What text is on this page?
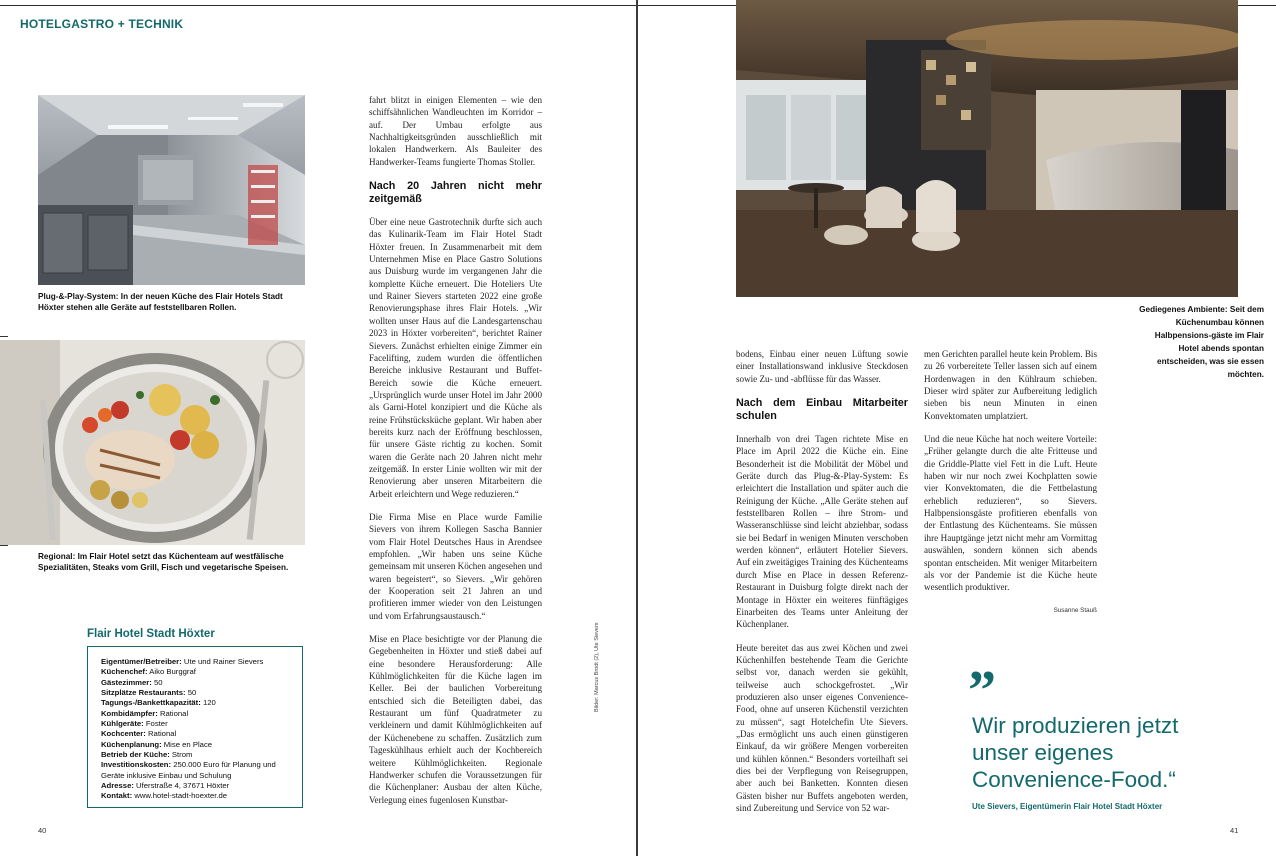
HOTELGASTRO + TECHNIK
Plug-&-Play-System: In der neuen Küche des Flair Hotels Stadt Höxter stehen alle Geräte auf feststellbaren Rollen.
Regional: Im Flair Hotel setzt das Küchenteam auf westfälische Spezialitäten, Steaks vom Grill, Fisch und vegetarische Speisen.
Flair Hotel Stadt Höxter
Eigentümer/Betreiber: Ute und Rainer Sievers
Küchenchef: Aiko Burggraf
Gästezimmer: 50
Sitzplätze Restaurants: 50
Tagungs-/Bankettkapazität: 120
Kombidämpfer: Rational
Kühlgeräte: Foster
Kochcenter: Rational
Küchenplanung: Mise en Place
Betrieb der Küche: Strom
Investitionskosten: 250.000 Euro für Planung und Geräte inklusive Einbau und Schulung
Adresse: Uferstraße 4, 37671 Höxter
Kontakt: www.hotel-stadt-hoexter.de

fahrt blitzt in einigen Elementen – wie den schiffsähnlichen Wandleuchten im Korridor – auf. Der Umbau erfolgte aus Nachhaltigkeitsgründen ausschließlich mit lokalen Handwerkern. Als Bauleiter des Handwerker-Teams fungierte Thomas Stoller.

Nach 20 Jahren nicht mehr zeitgemäß

Über eine neue Gastrotechnik durfte sich auch das Kulinarik-Team im Flair Hotel Stadt Höxter freuen. In Zusammenarbeit mit dem Unternehmen Mise en Place Gastro Solutions aus Duisburg wurde im vergangenen Jahr die komplette Küche erneuert. Die Hoteliers Ute und Rainer Sievers starteten 2022 eine große Renovierungsphase ihres Flair Hotels. „Wir wollten unser Haus auf die Landesgartenschau 2023 in Höxter vorbereiten“, berichtet Rainer Sievers. Zunächst erhielten einige Zimmer ein Facelifting, zudem wurden die öffentlichen Bereiche inklusive Restaurant und Buffet-Bereich sowie die Küche erneuert. „Ursprünglich wurde unser Hotel im Jahr 2000 als Garni-Hotel konzipiert und die Küche als reine Frühstücksküche geplant. Wir haben aber bereits kurz nach der Eröffnung beschlossen, für unsere Gäste richtig zu kochen. Somit waren die Geräte nach 20 Jahren nicht mehr zeitgemäß. In erster Linie wollten wir mit der Renovierung aber unseren Mitarbeitern die Arbeit erleichtern und Wege reduzieren.“

Die Firma Mise en Place wurde Familie Sievers von ihrem Kollegen Sascha Bannier vom Flair Hotel Deutsches Haus in Arendsee empfohlen. „Wir haben uns seine Küche gemeinsam mit unseren Köchen angesehen und waren begeistert“, so Sievers. „Wir gehören der Kooperation seit 21 Jahren an und profitieren immer wieder von den Leistungen und vom Erfahrungsaustausch.“

Mise en Place besichtigte vor der Planung die Gegebenheiten in Höxter und stieß dabei auf eine besondere Herausforderung: Alle Kühlmöglichkeiten für die Küche lagen im Keller. Bei der baulichen Vorbereitung entschied sich die Beteiligten dabei, das Restaurant um fünf Quadratmeter zu verkleinern und damit Kühlmöglichkeiten auf der Küchenebene zu schaffen. Zusätzlich zum Tageskühlhaus erhielt auch der Kochbereich weitere Kühlmöglichkeiten. Regionale Handwerker schufen die Voraussetzungen für die Küchenplaner: Ausbau der alten Küche, Verlegung eines fugenlosen Kunstbar-

Bilder: Marcus Brodt (2), Ute Sievers
40
Gediegenes Ambiente: Seit dem Küchenumbau können Halbpensions-gäste im Flair Hotel abends spontan entscheiden, was sie essen möchten.

bodens, Einbau einer neuen Lüftung sowie einer Installationswand inklusive Steckdosen sowie Zu- und -abflüsse für das Wasser.

Nach dem Einbau Mitarbeiter schulen

Innerhalb von drei Tagen richtete Mise en Place im April 2022 die Küche ein. Eine Besonderheit ist die Mobilität der Möbel und Geräte durch das Plug-&-Play-System: Es erleichtert die Installation und später auch die Reinigung der Küche. „Alle Geräte stehen auf feststellbaren Rollen – ihre Strom- und Wasseranschlüsse sind leicht abziehbar, sodass sie bei Bedarf in wenigen Minuten verschoben werden können“, erläutert Hotelier Sievers. Auf ein zweitägiges Training des Küchenteams durch Mise en Place in dessen Referenz-Restaurant in Duisburg folgte direkt nach der Montage in Höxter ein weiteres fünftägiges Einarbeiten des Teams unter Anleitung der Küchenplaner.

Heute bereitet das aus zwei Köchen und zwei Küchenhilfen bestehende Team die Gerichte selbst vor, danach werden sie gekühlt, teilweise auch schockgefrostet. „Wir produzieren also unser eigenes Convenience-Food, ohne auf unseren Küchenstil verzichten zu müssen“, sagt Hotelchefin Ute Sievers. „Das ermöglicht uns auch einen günstigeren Einkauf, da wir größere Mengen vorbereiten und kühlen können.“ Besonders vorteilhaft sei dies bei der Verpflegung von Reisegruppen, aber auch bei Banketten. Konnten diesen Gästen bisher nur Buffets angeboten werden, sind Zubereitung und Service von 52 war-

men Gerichten parallel heute kein Problem. Bis zu 26 vorbereitete Teller lassen sich auf einem Hordenwagen in den Kühlraum schieben. Dieser wird später zur Aufbereitung lediglich sieben bis neun Minuten in einen Konvektomaten umplatziert.

Und die neue Küche hat noch weitere Vorteile: „Früher gelangte durch die alte Fritteuse und die Griddle-Platte viel Fett in die Luft. Heute haben wir nur noch zwei Kochplatten sowie vier Konvektomaten, die die Fettbelastung erheblich reduzieren“, so Sievers. Halbpensionsgäste profitieren ebenfalls von der Entlastung des Küchenteams. Sie müssen ihre Hauptgänge jetzt nicht mehr am Vormittag auswählen, sondern können sich abends spontan entscheiden. Mit weniger Mitarbeitern als vor der Pandemie ist die Küche heute wesentlich produktiver.

Susanne Stauß
”
Wir produzieren jetzt unser eigenes Convenience-Food.“
Ute Sievers, Eigentümerin Flair Hotel Stadt Höxter
41
